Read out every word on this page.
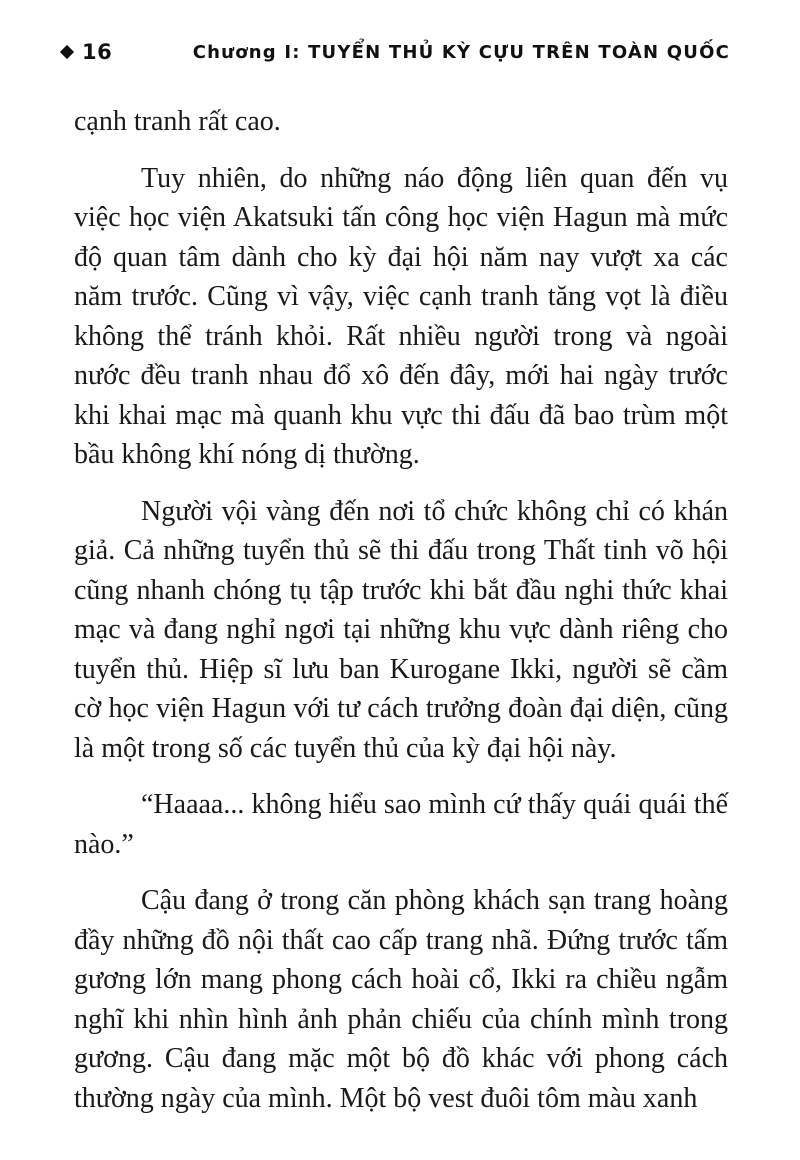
16	Chương I: TUYỂN THỦ KỲ CỰU TRÊN TOÀN QUỐC

cạnh tranh rất cao.

Tuy nhiên, do những náo động liên quan đến vụ việc học viện Akatsuki tấn công học viện Hagun mà mức độ quan tâm dành cho kỳ đại hội năm nay vượt xa các năm trước. Cũng vì vậy, việc cạnh tranh tăng vọt là điều không thể tránh khỏi. Rất nhiều người trong và ngoài nước đều tranh nhau đổ xô đến đây, mới hai ngày trước khi khai mạc mà quanh khu vực thi đấu đã bao trùm một bầu không khí nóng dị thường.

Người vội vàng đến nơi tổ chức không chỉ có khán giả. Cả những tuyển thủ sẽ thi đấu trong Thất tinh võ hội cũng nhanh chóng tụ tập trước khi bắt đầu nghi thức khai mạc và đang nghỉ ngơi tại những khu vực dành riêng cho tuyển thủ. Hiệp sĩ lưu ban Kurogane Ikki, người sẽ cầm cờ học viện Hagun với tư cách trưởng đoàn đại diện, cũng là một trong số các tuyển thủ của kỳ đại hội này.

“Haaaa... không hiểu sao mình cứ thấy quái quái thế nào.”

Cậu đang ở trong căn phòng khách sạn trang hoàng đầy những đồ nội thất cao cấp trang nhã. Đứng trước tấm gương lớn mang phong cách hoài cổ, Ikki ra chiều ngẫm nghĩ khi nhìn hình ảnh phản chiếu của chính mình trong gương. Cậu đang mặc một bộ đồ khác với phong cách thường ngày của mình. Một bộ vest đuôi tôm màu xanh
